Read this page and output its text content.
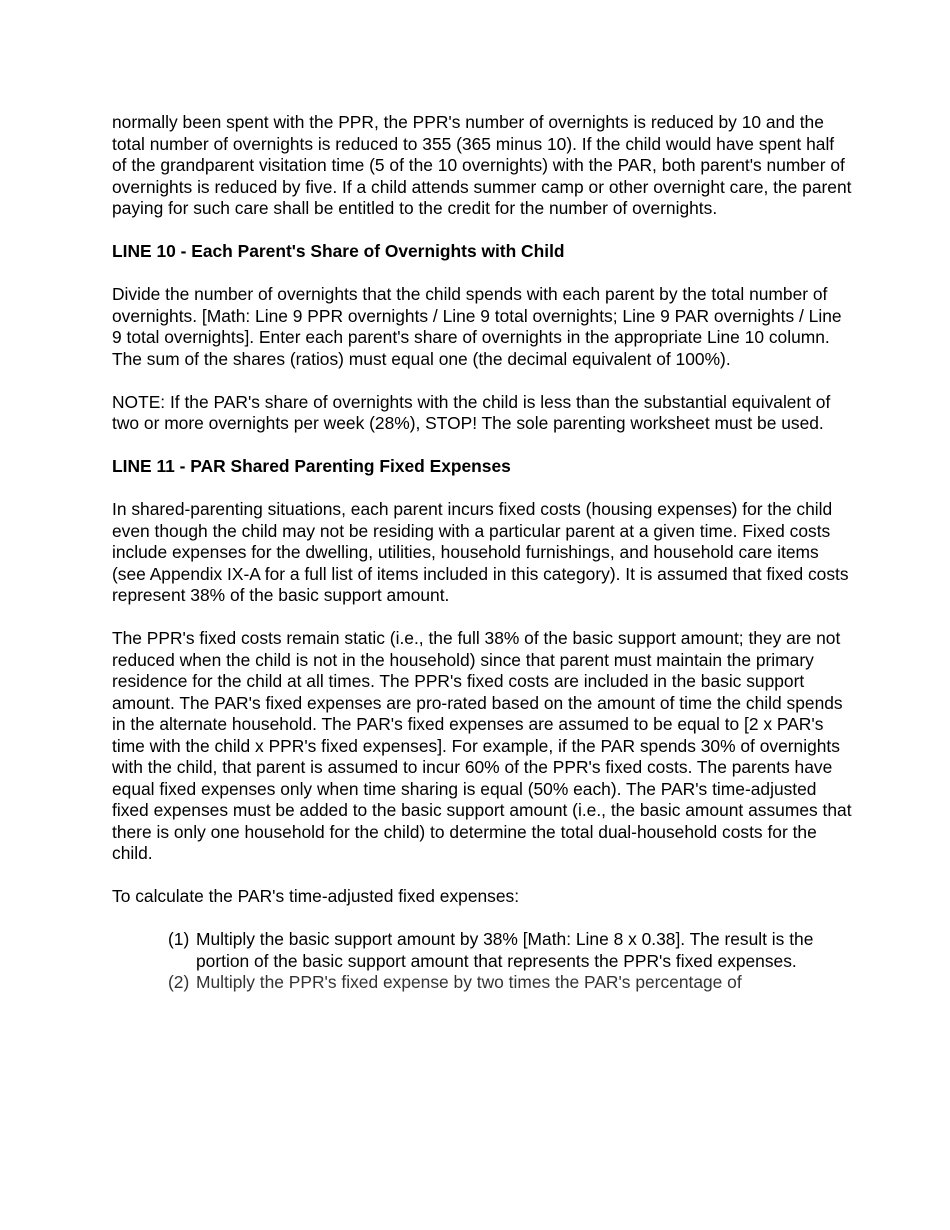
normally been spent with the PPR, the PPR's number of overnights is reduced by 10 and the total number of overnights is reduced to 355 (365 minus 10). If the child would have spent half of the grandparent visitation time (5 of the 10 overnights) with the PAR, both parent's number of overnights is reduced by five. If a child attends summer camp or other overnight care, the parent paying for such care shall be entitled to the credit for the number of overnights.

LINE 10 - Each Parent's Share of Overnights with Child

Divide the number of overnights that the child spends with each parent by the total number of overnights. [Math: Line 9 PPR overnights / Line 9 total overnights; Line 9 PAR overnights / Line 9 total overnights]. Enter each parent's share of overnights in the appropriate Line 10 column. The sum of the shares (ratios) must equal one (the decimal equivalent of 100%).

NOTE: If the PAR's share of overnights with the child is less than the substantial equivalent of two or more overnights per week (28%), STOP! The sole parenting worksheet must be used.

LINE 11 - PAR Shared Parenting Fixed Expenses

In shared-parenting situations, each parent incurs fixed costs (housing expenses) for the child even though the child may not be residing with a particular parent at a given time. Fixed costs include expenses for the dwelling, utilities, household furnishings, and household care items (see Appendix IX-A for a full list of items included in this category). It is assumed that fixed costs represent 38% of the basic support amount.

The PPR's fixed costs remain static (i.e., the full 38% of the basic support amount; they are not reduced when the child is not in the household) since that parent must maintain the primary residence for the child at all times. The PPR's fixed costs are included in the basic support amount. The PAR's fixed expenses are pro-rated based on the amount of time the child spends in the alternate household. The PAR's fixed expenses are assumed to be equal to [2 x PAR's time with the child x PPR's fixed expenses]. For example, if the PAR spends 30% of overnights with the child, that parent is assumed to incur 60% of the PPR's fixed costs. The parents have equal fixed expenses only when time sharing is equal (50% each). The PAR's time-adjusted fixed expenses must be added to the basic support amount (i.e., the basic amount assumes that there is only one household for the child) to determine the total dual-household costs for the child.

To calculate the PAR's time-adjusted fixed expenses:

(1) Multiply the basic support amount by 38% [Math: Line 8 x 0.38]. The result is the portion of the basic support amount that represents the PPR's fixed expenses.
(2) Multiply the PPR's fixed expense by two times the PAR's percentage of
